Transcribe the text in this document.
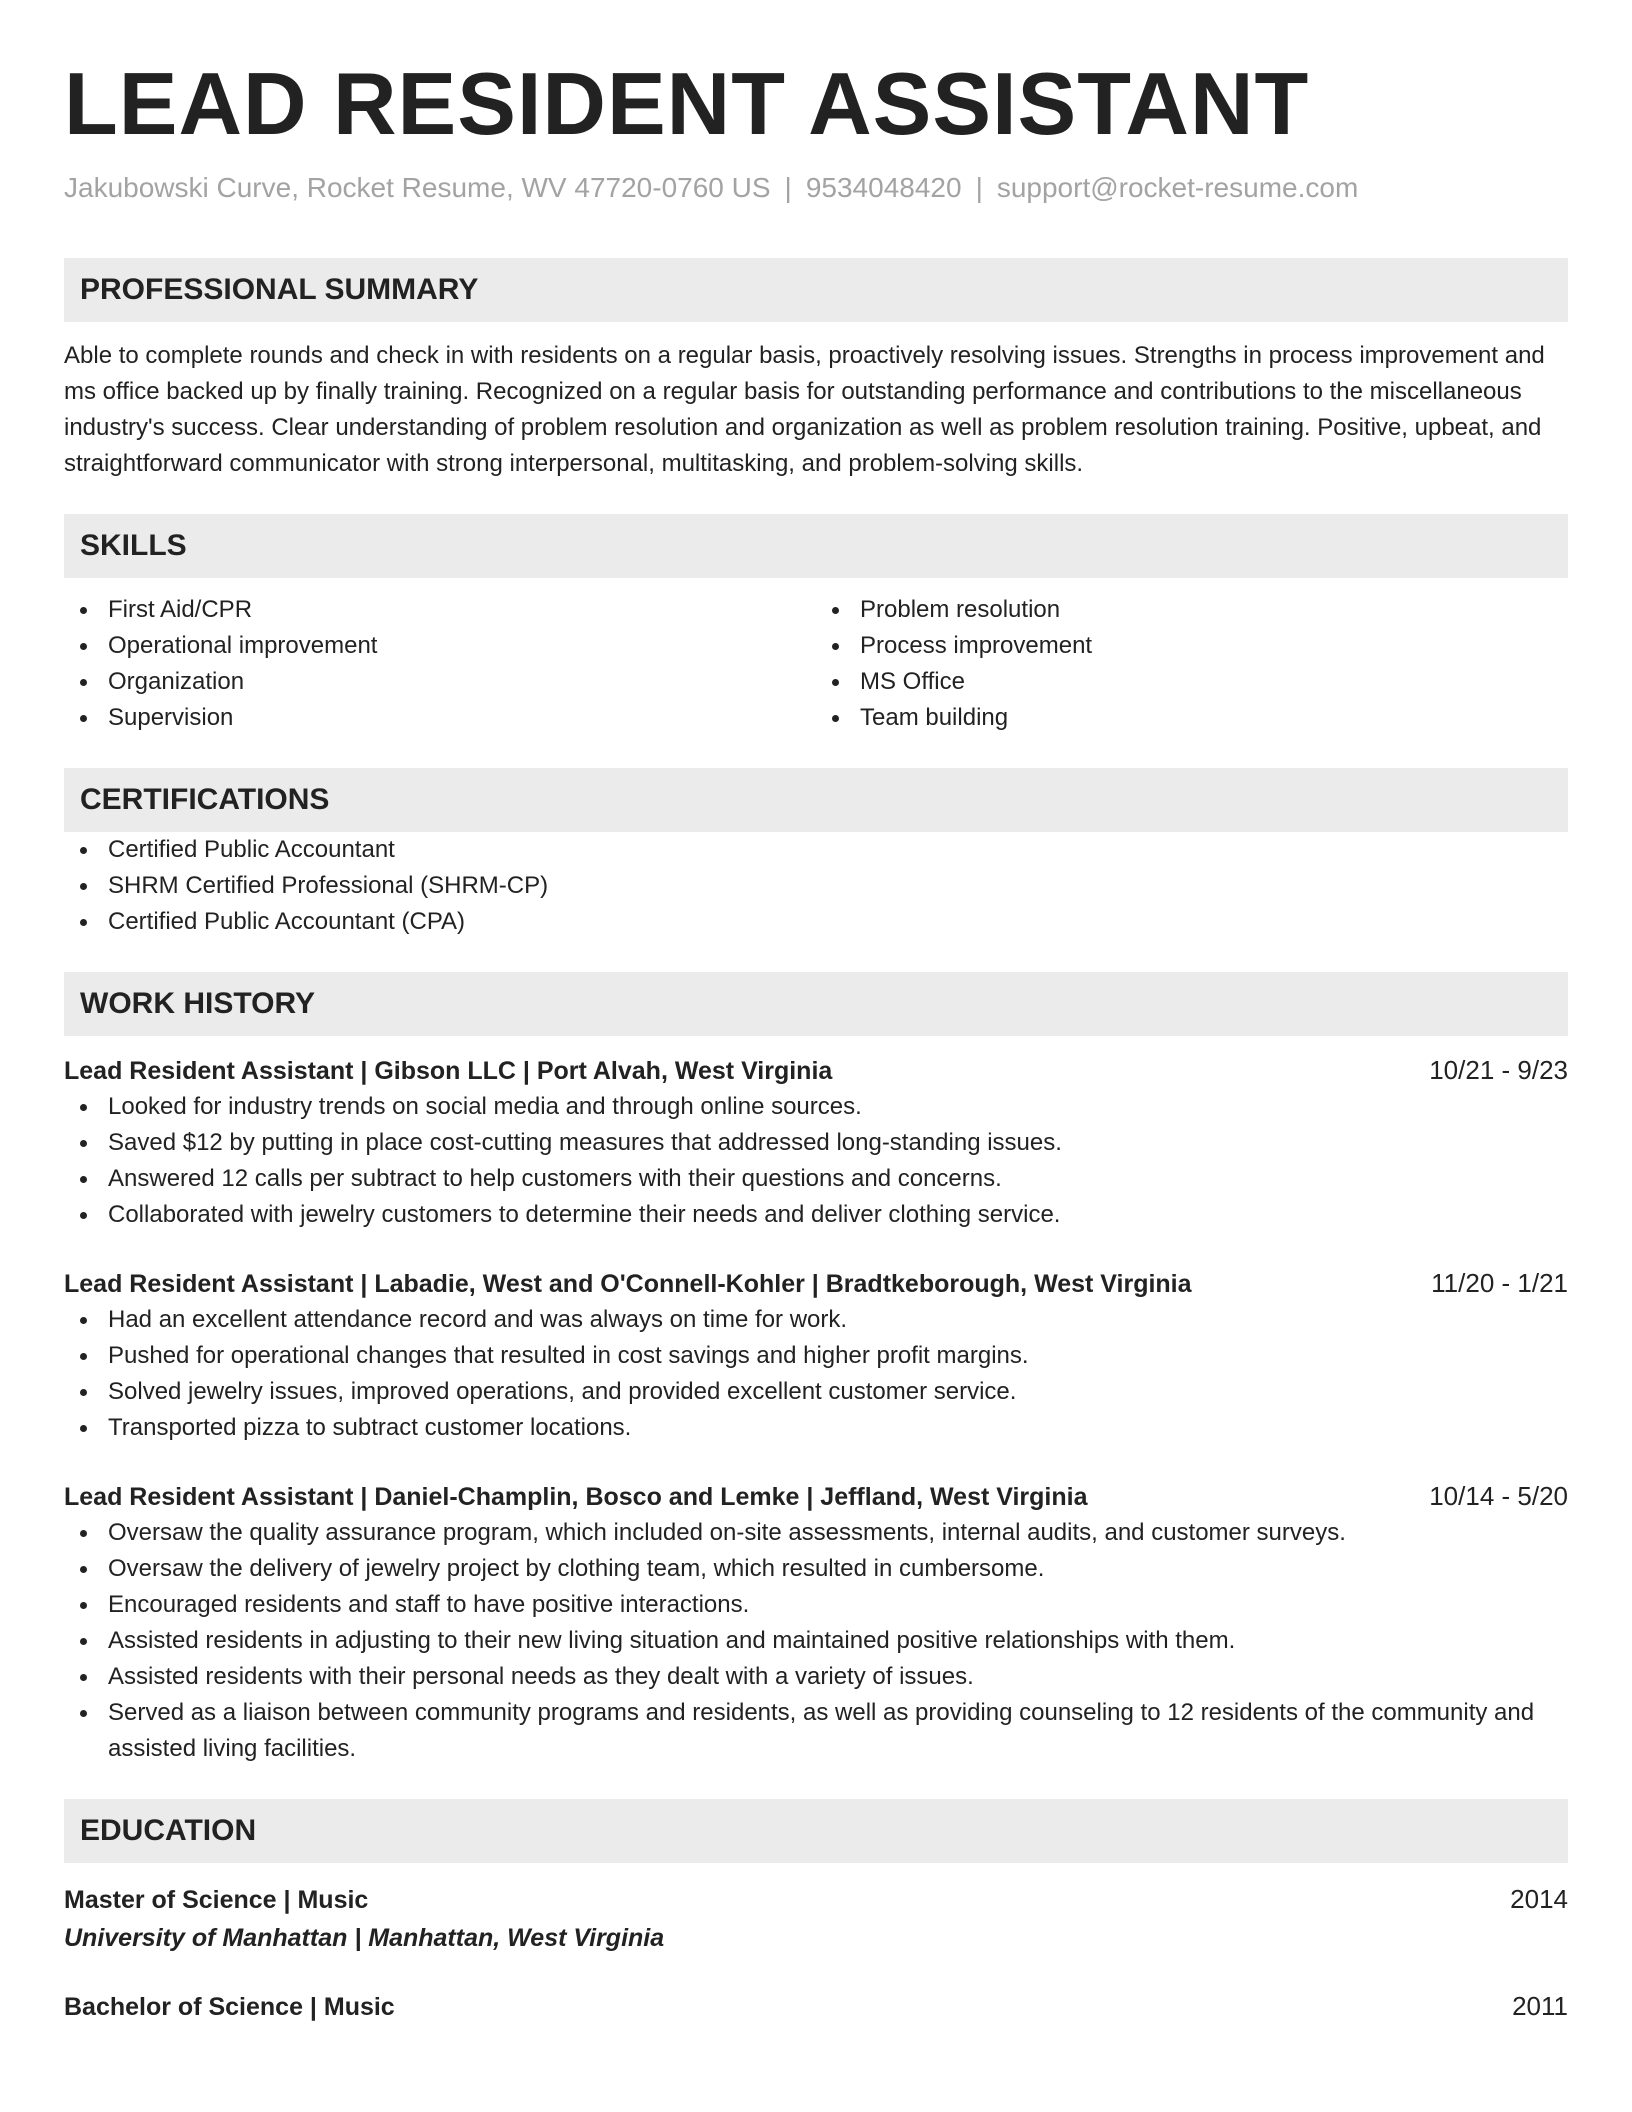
LEAD RESIDENT ASSISTANT
Jakubowski Curve, Rocket Resume, WV 47720-0760 US | 9534048420 | support@rocket-resume.com
PROFESSIONAL SUMMARY

Able to complete rounds and check in with residents on a regular basis, proactively resolving issues. Strengths in process improvement and ms office backed up by finally training. Recognized on a regular basis for outstanding performance and contributions to the miscellaneous industry's success. Clear understanding of problem resolution and organization as well as problem resolution training. Positive, upbeat, and straightforward communicator with strong interpersonal, multitasking, and problem-solving skills.

SKILLS
First Aid/CPR
Operational improvement
Organization
Supervision
Problem resolution
Process improvement
MS Office
Team building
CERTIFICATIONS
Certified Public Accountant
SHRM Certified Professional (SHRM-CP)
Certified Public Accountant (CPA)
WORK HISTORY
Lead Resident Assistant | Gibson LLC | Port Alvah, West Virginia	10/21 - 9/23
Looked for industry trends on social media and through online sources.
Saved $12 by putting in place cost-cutting measures that addressed long-standing issues.
Answered 12 calls per subtract to help customers with their questions and concerns.
Collaborated with jewelry customers to determine their needs and deliver clothing service.
Lead Resident Assistant | Labadie, West and O'Connell-Kohler | Bradtkeborough, West Virginia	11/20 - 1/21
Had an excellent attendance record and was always on time for work.
Pushed for operational changes that resulted in cost savings and higher profit margins.
Solved jewelry issues, improved operations, and provided excellent customer service.
Transported pizza to subtract customer locations.
Lead Resident Assistant | Daniel-Champlin, Bosco and Lemke | Jeffland, West Virginia	10/14 - 5/20
Oversaw the quality assurance program, which included on-site assessments, internal audits, and customer surveys.
Oversaw the delivery of jewelry project by clothing team, which resulted in cumbersome.
Encouraged residents and staff to have positive interactions.
Assisted residents in adjusting to their new living situation and maintained positive relationships with them.
Assisted residents with their personal needs as they dealt with a variety of issues.
Served as a liaison between community programs and residents, as well as providing counseling to 12 residents of the community and assisted living facilities.
EDUCATION
Master of Science | Music	2014
University of Manhattan | Manhattan, West Virginia
Bachelor of Science | Music	2011
